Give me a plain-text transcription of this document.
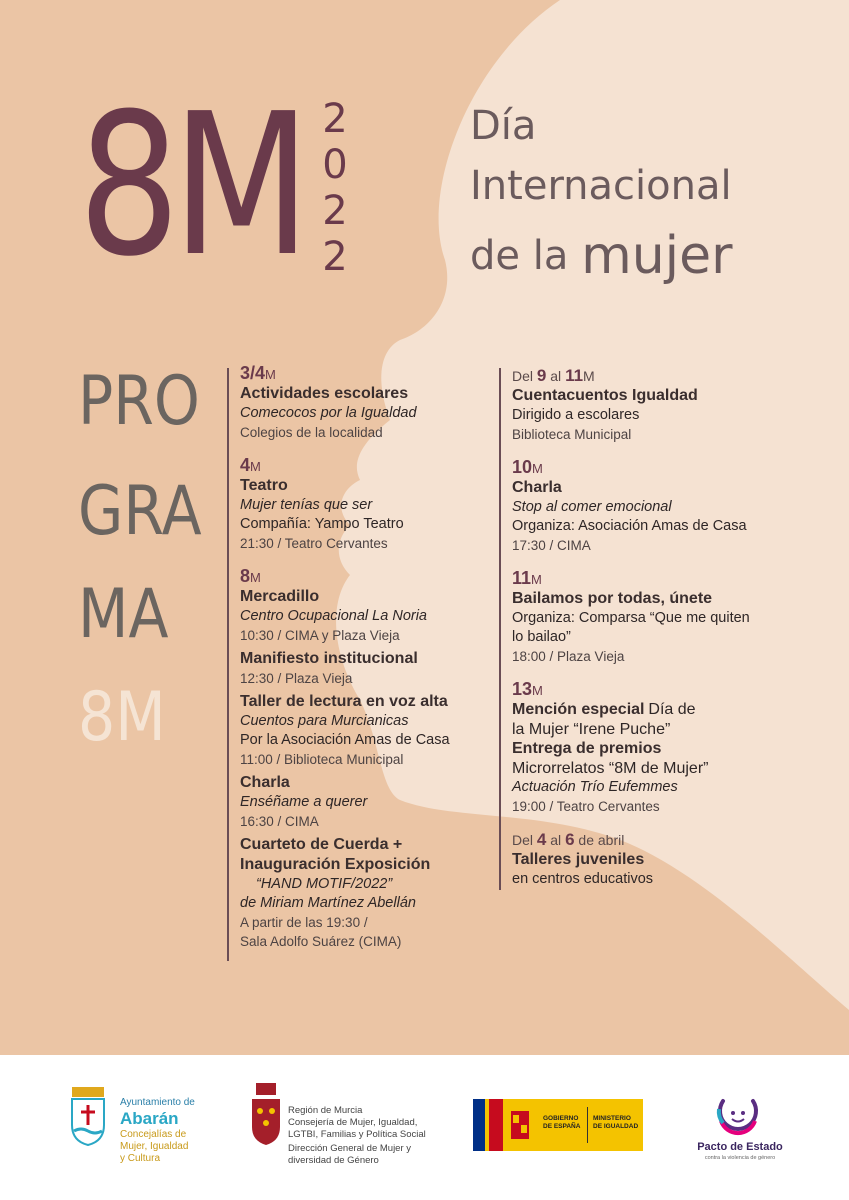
8M 2
0
2
2
Día
Internacional
de la mujer
PRO
GRA
MA
8M
3/4M
Actividades escolares
Comecocos por la Igualdad
Colegios de la localidad
4M
Teatro
Mujer tenías que ser
Compañía: Yampo Teatro
21:30 / Teatro Cervantes
8M
Mercadillo
Centro Ocupacional La Noria
10:30 / CIMA y Plaza Vieja
Manifiesto institucional
12:30 / Plaza Vieja
Taller de lectura en voz alta
Cuentos para Murcianicas
Por la Asociación Amas de Casa
11:00 / Biblioteca Municipal
Charla
Enséñame a querer
16:30 / CIMA
Cuarteto de Cuerda +
Inauguración Exposición
“HAND MOTIF/2022”
de Miriam Martínez Abellán
A partir de las 19:30 /
Sala Adolfo Suárez (CIMA)
Del 9 al 11M
Cuentacuentos Igualdad
Dirigido a escolares
Biblioteca Municipal
10M
Charla
Stop al comer emocional
Organiza: Asociación Amas de Casa
17:30 / CIMA
11M
Bailamos por todas, únete
Organiza: Comparsa “Que me quiten
lo bailao”
18:00 / Plaza Vieja
13M
Mención especial Día de
la Mujer “Irene Puche”
Entrega de premios
Microrrelatos “8M de Mujer”
Actuación Trío Eufemmes
19:00 / Teatro Cervantes
Del 4 al 6 de abril
Talleres juveniles
en centros educativos
Ayuntamiento de
Abarán
Concejalías de
Mujer, Igualdad
y Cultura
Región de Murcia
Consejería de Mujer, Igualdad,
LGTBI, Familias y Política Social
Dirección General de Mujer y
diversidad de Género
GOBIERNO
DE ESPAÑA
MINISTERIO
DE IGUALDAD
Pacto de Estado
contra la violencia de género
